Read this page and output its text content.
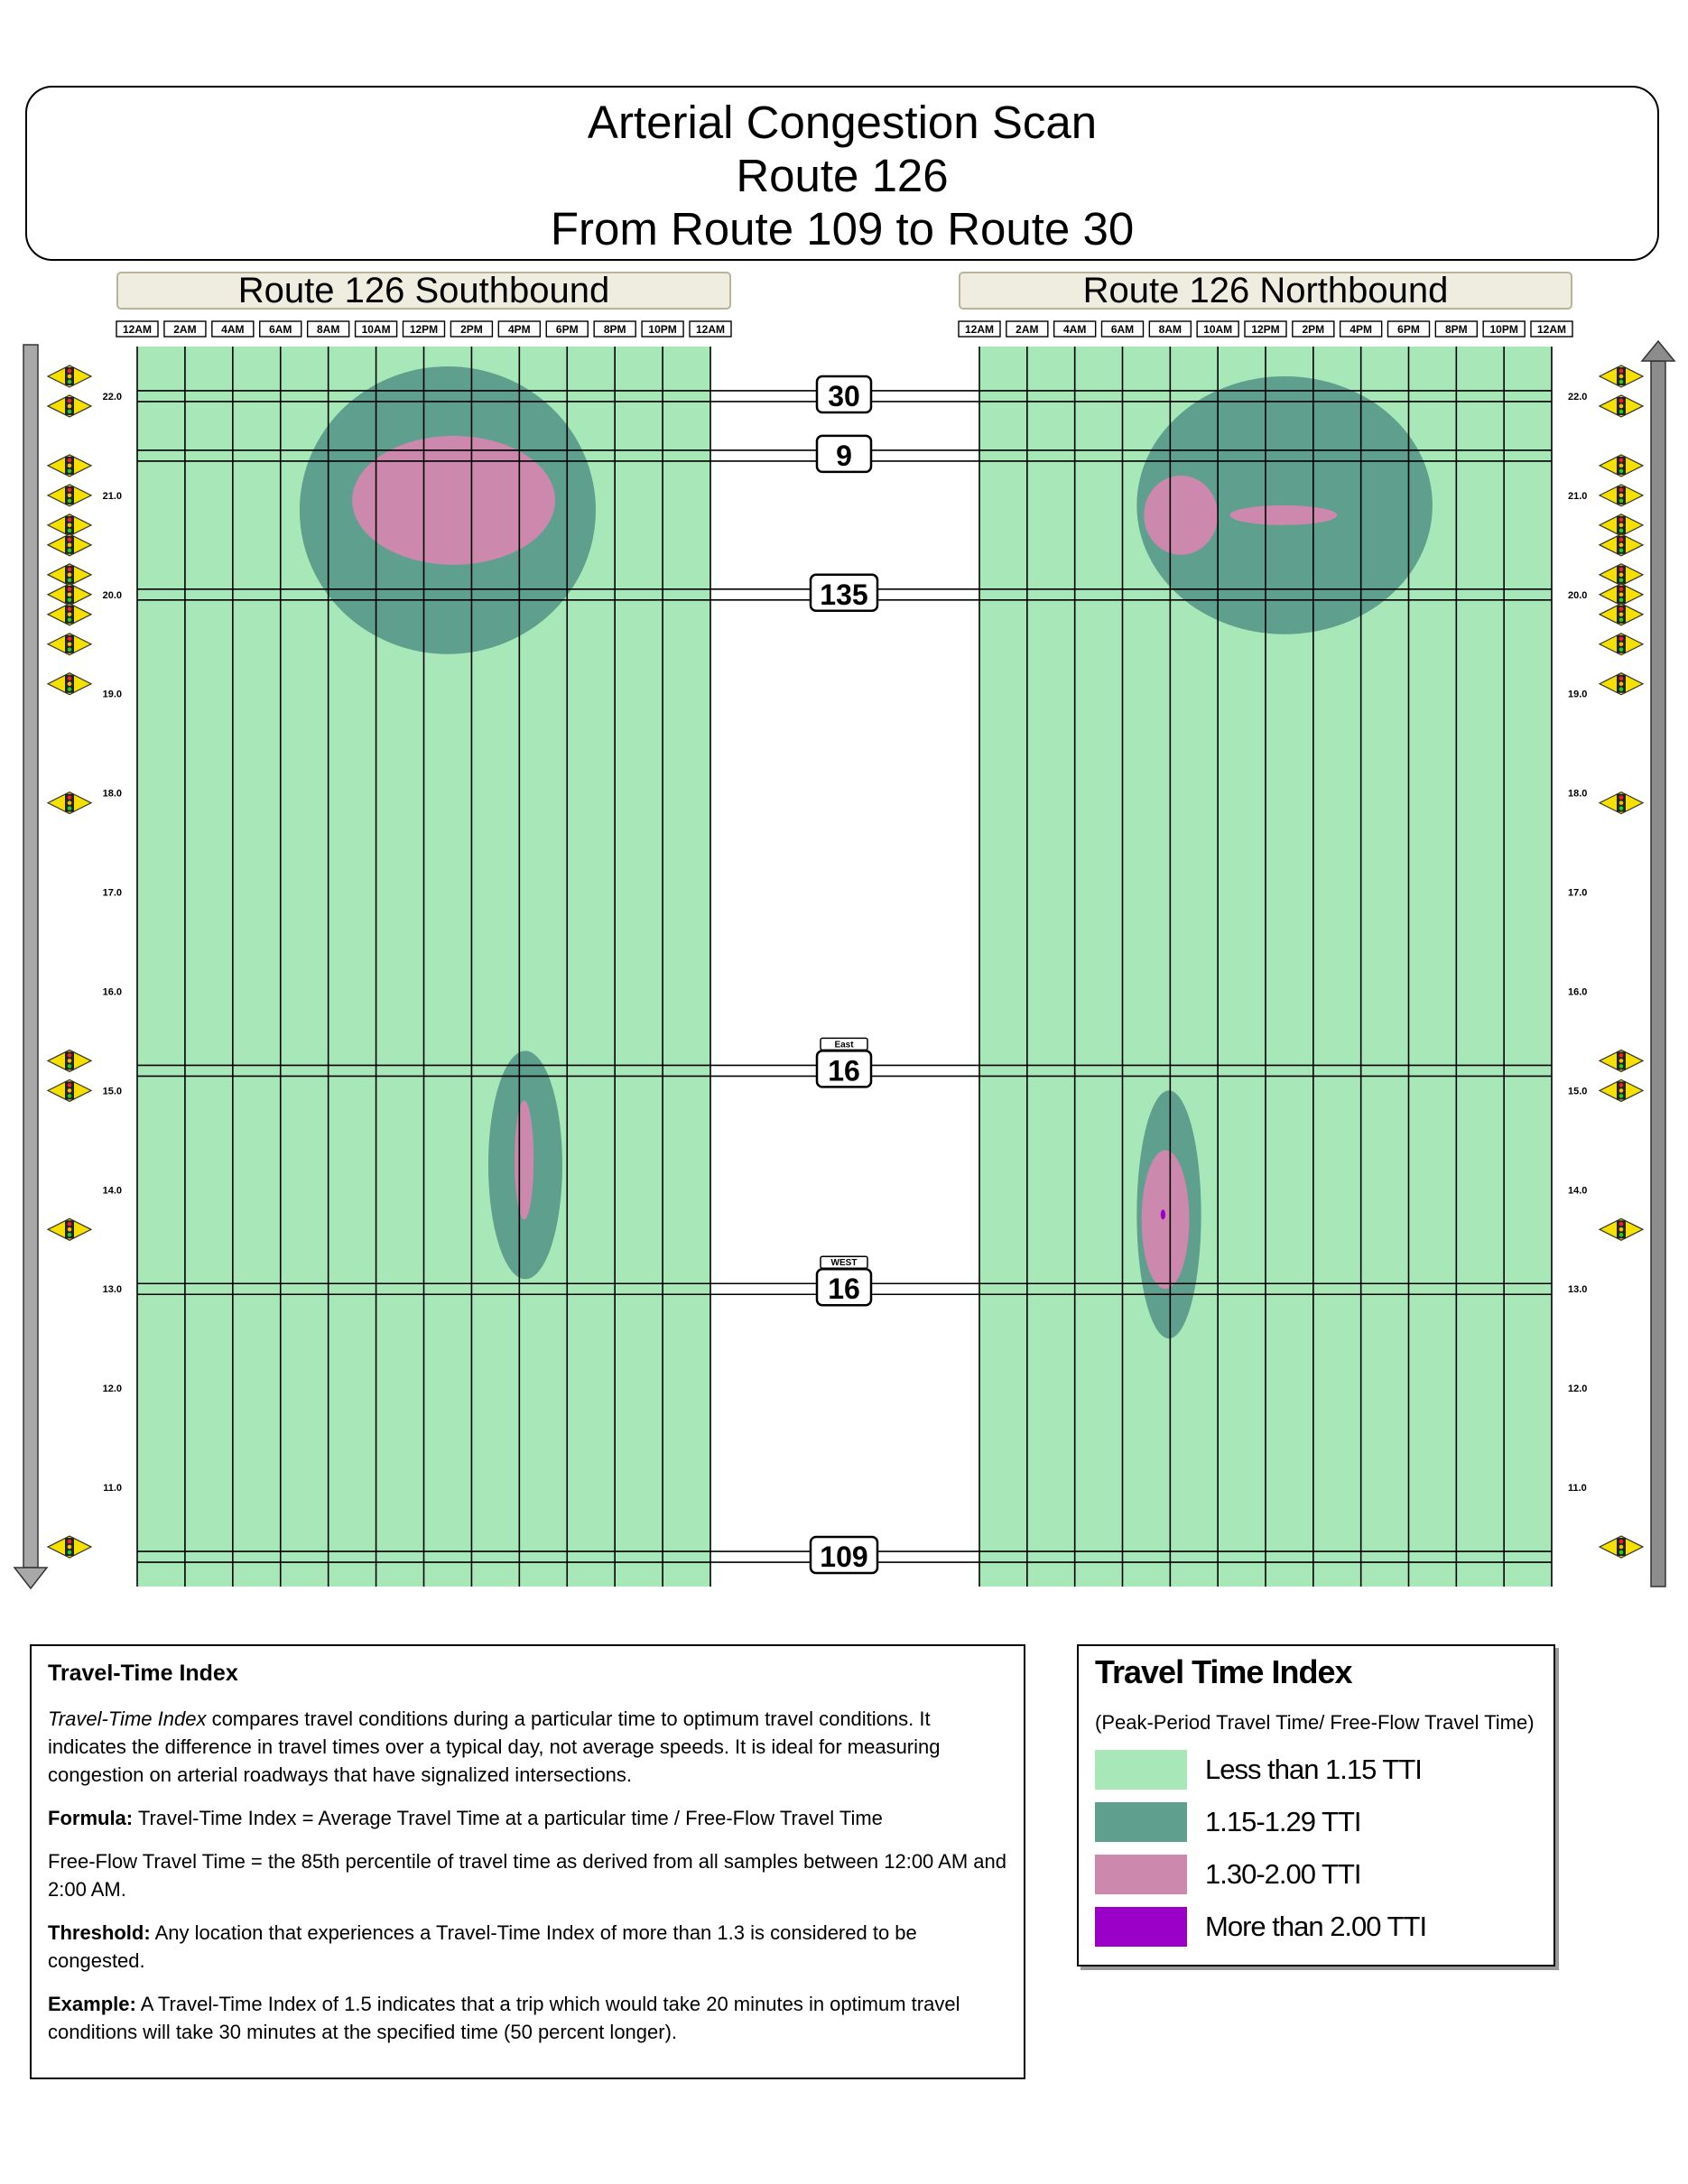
Arterial Congestion Scan
Route 126
From Route 109 to Route 30
Route 126 Southbound
12AM 2AM 4AM 6AM 8AM 10AM 12PM 2PM 4PM 6PM 8PM 10PM 12AM
Route 126 Northbound
12AM 2AM 4AM 6AM 8AM 10AM 12PM 2PM 4PM 6PM 8PM 10PM 12AM
30
9
135
East
16
WEST
16
109
22.0	22.0
21.0	21.0
20.0	20.0
19.0	19.0
18.0	18.0
17.0	17.0
16.0	16.0
15.0	15.0
14.0	14.0
13.0	13.0
12.0	12.0
11.0	11.0
Travel-Time Index

Travel-Time Index compares travel conditions during a particular time to optimum travel conditions. It indicates the difference in travel times over a typical day, not average speeds. It is ideal for measuring congestion on arterial roadways that have signalized intersections.

Formula: Travel-Time Index = Average Travel Time at a particular time / Free-Flow Travel Time

Free-Flow Travel Time = the 85th percentile of travel time as derived from all samples between 12:00 AM and 2:00 AM.

Threshold: Any location that experiences a Travel-Time Index of more than 1.3 is considered to be congested.

Example: A Travel-Time Index of 1.5 indicates that a trip which would take 20 minutes in optimum travel conditions will take 30 minutes at the specified time (50 percent longer).

Travel Time Index
(Peak-Period Travel Time/ Free-Flow Travel Time)
Less than 1.15 TTI
1.15-1.29 TTI
1.30-2.00 TTI
More than 2.00 TTI
